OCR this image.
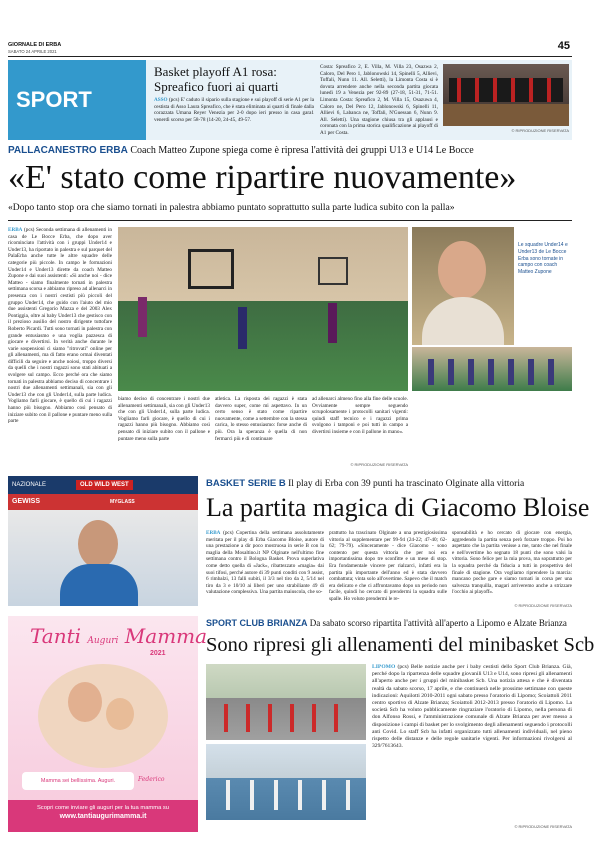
GIORNALE DI ERBA
SABATO 24 APRILE 2021	45
SPORT
Basket playoff A1 rosa: Spreafico fuori ai quarti
ASSO (pcs) E' caduto il sipario sulla stagione e sui playoff di serie A1 per la cestista di Asso Laura Spreafico, che è stata eliminata ai quarti di finale dalla corazzata Umana Reyer Venezia per 2-0 dopo ieri presso in casa gara1 venerdì scorso per 58-78 (14-20, 24-45, 49-57.
Costa: Spreafico 2, E. Villa, M. Villa 23, Osazwa 2, Caloro, Del Pero 1, Jablonowski 14, Spinelli 5, Allievi, Toffali, Nunn 11. All. Seletti), la Limonta Costa si è dovuta arrendere anche nella seconda partita giocata lunedì 19 a Venezia per 92-89 (27-18, 51-31, 71-51. Limonta Costa: Spreafico 2, M. Villa 15, Osazuwa 4, Caloro ne, Del Pero 12, Jablonowski 6, Spinelli 11, Allievi 6, Labanca ne, Toffali, N'Guessan 6, Nunn 9. All. Seletti). Una stagione chiusa tra gli applausi e coronata con la prima storica qualificazione ai playoff di A1 per Costa.	© RIPRODUZIONE RISERVATA
PALLACANESTRO ERBA Coach Matteo Zupone spiega come è ripresa l'attività dei gruppi U13 e U14 Le Bocce
«E' stato come ripartire nuovamente»
«Dopo tanto stop ora che siamo tornati in palestra abbiamo puntato soprattutto sulla parte ludica subito con la palla»
ERBA (pcs) Seconda settimana di allenamenti in casa de Le Bocce Erba, che dopo aver ricominciato l'attività con i gruppi Under14 e Under13, ha riportato in palestra e sul parquet del PalaErba anche tutte le altre squadre delle categorie più piccole. In campo le formazioni Under14 e Under13 dirette da coach Matteo Zupone e dai suoi assistenti: «Si anche noi - dice Matteo - siamo finalmente tornati in palestra settimana scorsa e abbiamo ripreso ad allenarci in presenza con i nostri cestisti più piccoli del gruppo Under14, che guido con l'aiuto del mio due assistenti Gregorio Mazza e del 2003 Alex Pontiggia, oltre ai baby Under13 che gestisco con il prezioso ausilio del nostro dirigente tuttofare Roberto Picardi. Tutti sono tornati in palestra con grande entusiasmo e una voglia pazzesca di giocare e divertirsi. In verità anche durante le varie sospensioni ci siamo "ritrovati" online per gli allenamenti, ma di fatto erano ormai diventati difficili da seguire e anche noiosi, troppo diversi da quelli che i nostri ragazzi sono stati abituati a svolgere sul campo. Ecco perché ora che siamo tornati in palestra abbiamo deciso di concentrare i nostri due allenamenti settimanali, sia con gli Under13 che con gli Under14, sulla parte ludica. Vogliamo farli giocare, è quello di cui i ragazzi hanno più bisogno. Abbiamo così pensato di iniziare subito con il pallone e puntare meno sulla parte
Le squadre Under14 e Under13 de Le Bocce Erba sono tornate in campo con coach Matteo Zupone
biamo deciso di concentrare i nostri due allenamenti settimanali, sia con gli Under13 che con gli Under14, sulla parte ludica. Vogliamo farli giocare, è quello di cui i ragazzi hanno più bisogno. Abbiamo così pensato di iniziare subito con il pallone e puntare meno sulla parte
atletica. La risposta dei ragazzi è stata davvero super, come mi aspettavo. In un certo senso è stato come ripartire nuovamente, come a settembre con la stessa carica, lo stesso entusiasmo: forse anche di più. Ora la speranza è quella di non fermarci più e di continuare
ad allenarci almeno fino alla fine delle scuole. Ovviamente sempre seguendo scrupolosamente i protocolli sanitari vigenti: quindi staff tecnico e i ragazzi prima svolgono i tamponi e poi tutti in campo a divertirsi insieme e con il pallone in mano».
© RIPRODUZIONE RISERVATA
NAZIONALE	OLD WILD WEST
GEWISS	MYGLASS
BASKET SERIE B Il play di Erba con 39 punti ha trascinato Olginate alla vittoria
La partita magica di Giacomo Bloise
ERBA (pcs) Copertina della settimana assolutamente meritata per il play di Erba Giacomo Bloise, autore di una prestazione a dir poco mostruosa in serie B con la maglia della Mosaltino.it NP Olginate nell'ultimo fine settimana contro il Bologna Basket. Prova superlativa come detto quella di «Jack», ribattezzato «magia» dai suoi tifosi, perché autore di 39 punti conditi con 9 assist, 6 rimbalzi, 13 falli subiti, il 3/3 nel tiro da 2, 5/14 nel tiro da 3 e 10/10 ai liberi per uno strabiliante 49 di valutazione complessiva. Una partita maiuscola, che so-
prattutto ha trascinato Olginate a una prestigiosissima vittoria al supplementare per 99-94 (24-22; 47-40; 62-62; 79-79). «Sinceramente - dice Giacomo - sono contento per questa vittoria che per noi era importantissima dopo tre sconfitte e un mese di stop. Era fondamentale vincere per rialzarci, infatti era la partita più importante dell'anno ed è stata davvero combattuta; vinta solo all'overtime. Sapevo che il match era delicato e che ci affrontavamo dopo un periodo non facile, quindi ho cercato di prendermi la squadra sulle spalle. Ho voluto prendermi le re-
sponsabilità e ho cercato di giocare con energia, aggredendo la partita senza però forzare troppo. Poi ho aspettato che la partita venisse a me, tanto che nel finale e nell'overtime ho segnato 18 punti che sono valsi la vittoria. Sono felice per la mia prova, ma soprattutto per la squadra perché da fiducia a tutti in prospettiva del finale di stagione. Ora vogliamo riprendere la marcia: mancano poche gare e siamo tornati in corsa per una salvezza tranquilla, magari arriveremo anche a strizzare l'occhio ai playoff».
© RIPRODUZIONE RISERVATA
Tanti Auguri Mamma
2021
Mamma sei bellissima. Auguri.	Federico
Scopri come inviare gli auguri per la tua mamma su
www.tantiaugurimamma.it
SPORT CLUB BRIANZA Da sabato scorso ripartita l'attività all'aperto a Lipomo e Alzate Brianza
Sono ripresi gli allenamenti del minibasket Scb
LIPOMO (pcs) Belle notizie anche per i baby cestisti dello Sport Club Brianza. Già, perché dopo la ripartenza delle squadre giovanili U13 e U14, sono ripresi gli allenamenti all'aperto anche per i gruppi del minibasket Scb. Una notizia attesa e che è diventata realtà da sabato scorso, 17 aprile, e che continuerà nelle prossime settimane con queste indicazioni: Aquilotti 2010-2011 ogni sabato presso l'oratorio di Lipomo; Scoiattoli 2011 centro sportivo di Alzate Brianza; Scoiattoli 2012-2013 presso l'oratorio di Lipomo. La società Scb ha voluto pubblicamente ringraziare l'oratorio di Lipomo, nella persona di don Alfonso Rossi, e l'amministrazione comunale di Alzate Brianza per aver messo a disposizione i campi di basket per lo svolgimento degli allenamenti seguendo i protocolli anti Covid. Lo staff Scb ha infatti organizzato tutti allenamenti individuali, nel pieno rispetto delle distanze e delle regole sanitarie vigenti. Per informazioni rivolgersi al 329/7613643.
© RIPRODUZIONE RISERVATA
